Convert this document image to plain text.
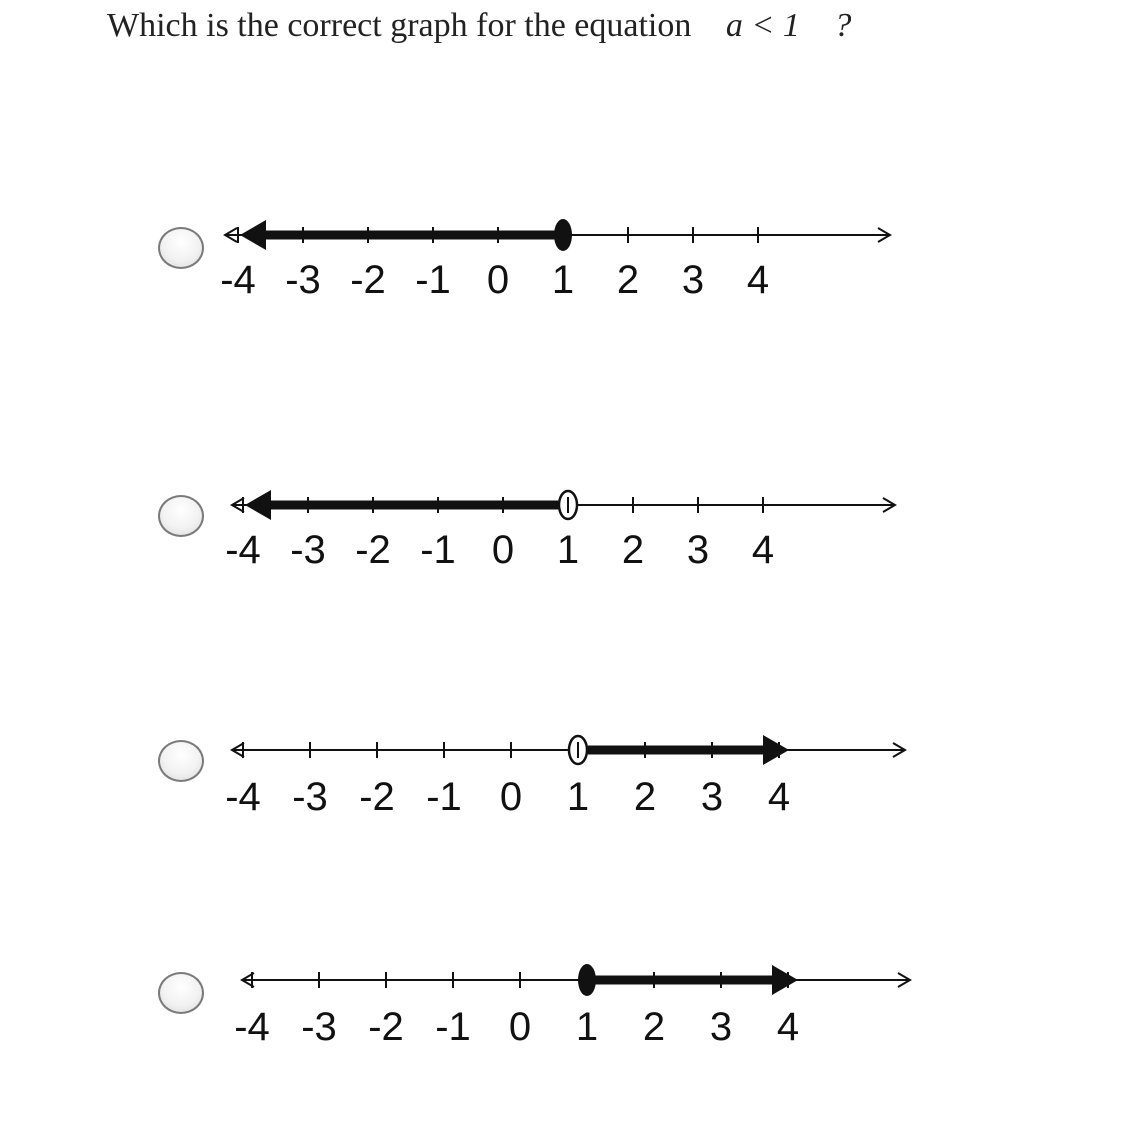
Which is the correct graph for the equation a < 1 ?
-4 -3 -2 -1 0 1 2 3 4
-4 -3 -2 -1 0 1 2 3 4
-4 -3 -2 -1 0 1 2 3 4
-4 -3 -2 -1 0 1 2 3 4
